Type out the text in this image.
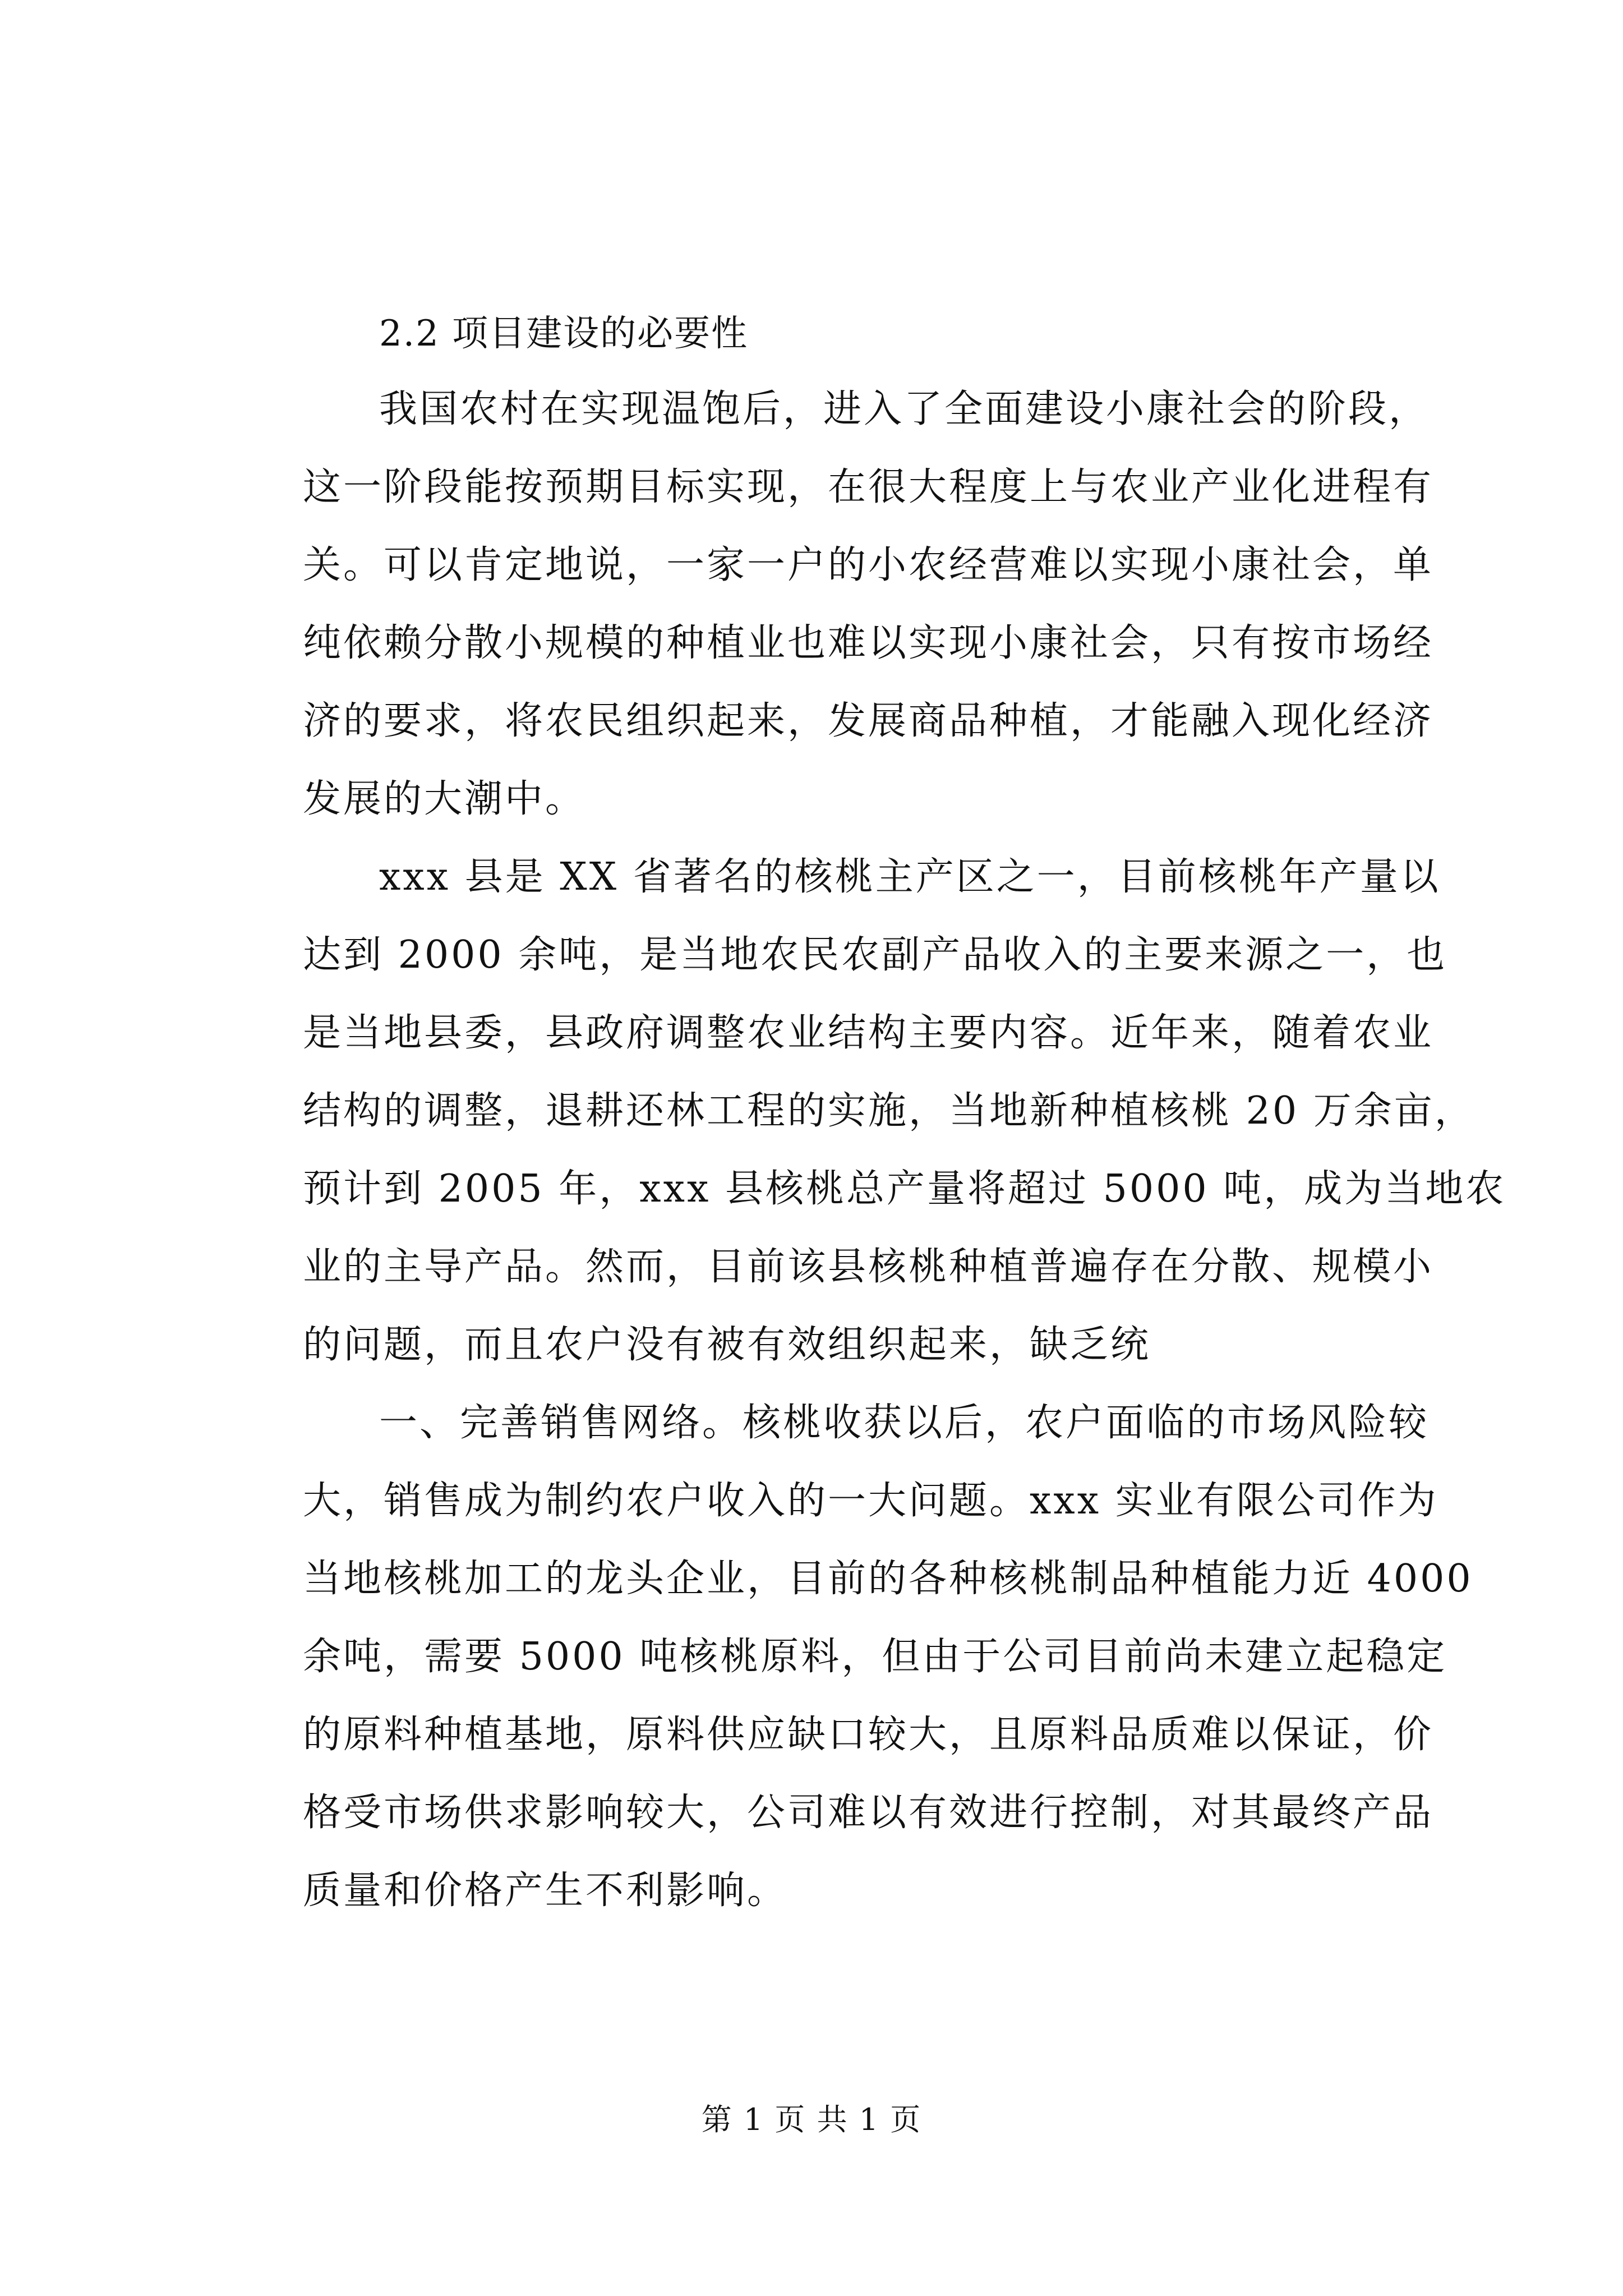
2.2 项目建设的必要性

我国农村在实现温饱后，进入了全面建设小康社会的阶段，
这一阶段能按预期目标实现，在很大程度上与农业产业化进程有
关。可以肯定地说，一家一户的小农经营难以实现小康社会，单
纯依赖分散小规模的种植业也难以实现小康社会，只有按市场经
济的要求，将农民组织起来，发展商品种植，才能融入现化经济
发展的大潮中。

xxx 县是 XX 省著名的核桃主产区之一，目前核桃年产量以
达到 2000 余吨，是当地农民农副产品收入的主要来源之一，也
是当地县委，县政府调整农业结构主要内容。近年来，随着农业
结构的调整，退耕还林工程的实施，当地新种植核桃 20 万余亩，
预计到 2005 年，xxx 县核桃总产量将超过 5000 吨，成为当地农
业的主导产品。然而，目前该县核桃种植普遍存在分散、规模小
的问题，而且农户没有被有效组织起来，缺乏统

一、完善销售网络。核桃收获以后，农户面临的市场风险较
大，销售成为制约农户收入的一大问题。xxx 实业有限公司作为
当地核桃加工的龙头企业，目前的各种核桃制品种植能力近 4000
余吨，需要 5000 吨核桃原料，但由于公司目前尚未建立起稳定
的原料种植基地，原料供应缺口较大，且原料品质难以保证，价
格受市场供求影响较大，公司难以有效进行控制，对其最终产品
质量和价格产生不利影响。

第 1 页 共 1 页
